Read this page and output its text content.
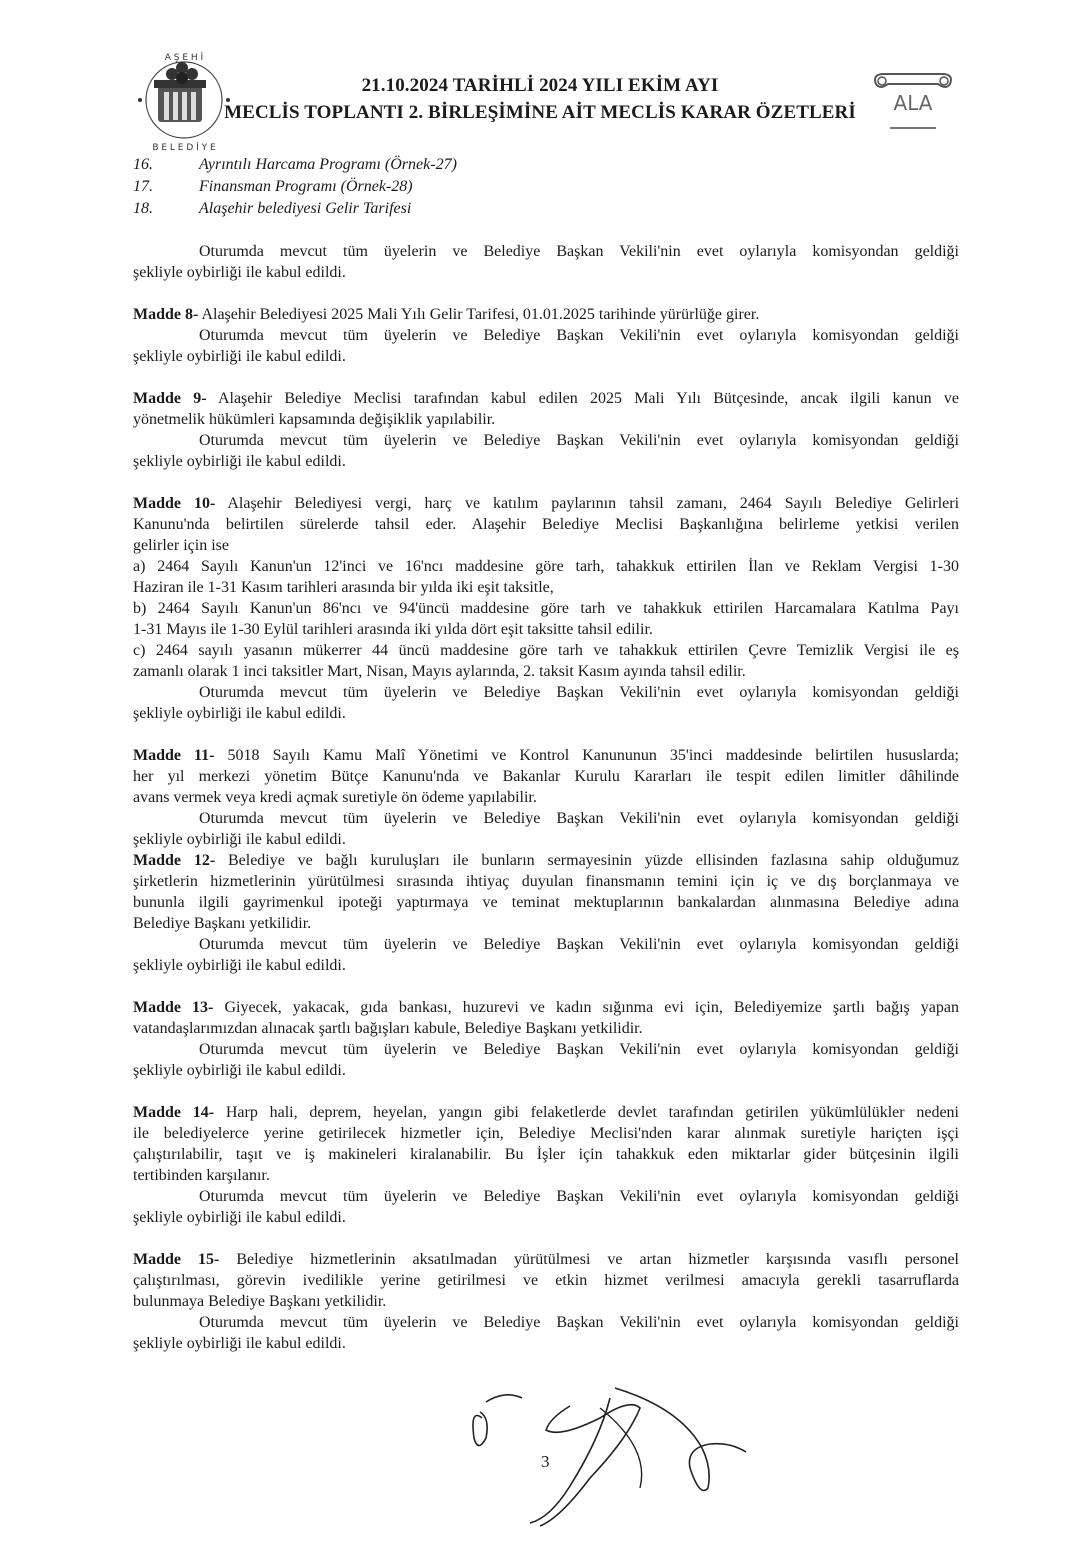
A Ş E H İ
B E L E D İ Y E
ALA
21.10.2024 TARİHLİ 2024 YILI EKİM AYI
MECLİS TOPLANTI 2. BİRLEŞİMİNE AİT MECLİS KARAR ÖZETLERİ
16.	Ayrıntılı Harcama Programı (Örnek-27)
17.	Finansman Programı (Örnek-28)
18.	Alaşehir belediyesi Gelir Tarifesi
Oturumda mevcut tüm üyelerin ve Belediye Başkan Vekili'nin evet oylarıyla komisyondan geldiği
şekliyle oybirliği ile kabul edildi.
Madde 8- Alaşehir Belediyesi 2025 Mali Yılı Gelir Tarifesi, 01.01.2025 tarihinde yürürlüğe girer.
Oturumda mevcut tüm üyelerin ve Belediye Başkan Vekili'nin evet oylarıyla komisyondan geldiği
şekliyle oybirliği ile kabul edildi.
Madde 9- Alaşehir Belediye Meclisi tarafından kabul edilen 2025 Mali Yılı Bütçesinde, ancak ilgili kanun ve
yönetmelik hükümleri kapsamında değişiklik yapılabilir.
Oturumda mevcut tüm üyelerin ve Belediye Başkan Vekili'nin evet oylarıyla komisyondan geldiği
şekliyle oybirliği ile kabul edildi.
Madde 10- Alaşehir Belediyesi vergi, harç ve katılım paylarının tahsil zamanı, 2464 Sayılı Belediye Gelirleri
Kanunu'nda belirtilen sürelerde tahsil eder. Alaşehir Belediye Meclisi Başkanlığına belirleme yetkisi verilen
gelirler için ise
a) 2464 Sayılı Kanun'un 12'inci ve 16'ncı maddesine göre tarh, tahakkuk ettirilen İlan ve Reklam Vergisi 1-30
Haziran ile 1-31 Kasım tarihleri arasında bir yılda iki eşit taksitle,
b) 2464 Sayılı Kanun'un 86'ncı ve 94'üncü maddesine göre tarh ve tahakkuk ettirilen Harcamalara Katılma Payı
1-31 Mayıs ile 1-30 Eylül tarihleri arasında iki yılda dört eşit taksitte tahsil edilir.
c) 2464 sayılı yasanın mükerrer 44 üncü maddesine göre tarh ve tahakkuk ettirilen Çevre Temizlik Vergisi ile eş
zamanlı olarak 1 inci taksitler Mart, Nisan, Mayıs aylarında, 2. taksit Kasım ayında tahsil edilir.
Oturumda mevcut tüm üyelerin ve Belediye Başkan Vekili'nin evet oylarıyla komisyondan geldiği
şekliyle oybirliği ile kabul edildi.
Madde 11- 5018 Sayılı Kamu Malî Yönetimi ve Kontrol Kanununun 35'inci maddesinde belirtilen hususlarda;
her yıl merkezi yönetim Bütçe Kanunu'nda ve Bakanlar Kurulu Kararları ile tespit edilen limitler dâhilinde
avans vermek veya kredi açmak suretiyle ön ödeme yapılabilir.
Oturumda mevcut tüm üyelerin ve Belediye Başkan Vekili'nin evet oylarıyla komisyondan geldiği
şekliyle oybirliği ile kabul edildi.
Madde 12- Belediye ve bağlı kuruluşları ile bunların sermayesinin yüzde ellisinden fazlasına sahip olduğumuz
şirketlerin hizmetlerinin yürütülmesi sırasında ihtiyaç duyulan finansmanın temini için iç ve dış borçlanmaya ve
bununla ilgili gayrimenkul ipoteği yaptırmaya ve teminat mektuplarının bankalardan alınmasına Belediye adına
Belediye Başkanı yetkilidir.
Oturumda mevcut tüm üyelerin ve Belediye Başkan Vekili'nin evet oylarıyla komisyondan geldiği
şekliyle oybirliği ile kabul edildi.
Madde 13- Giyecek, yakacak, gıda bankası, huzurevi ve kadın sığınma evi için, Belediyemize şartlı bağış yapan
vatandaşlarımızdan alınacak şartlı bağışları kabule, Belediye Başkanı yetkilidir.
Oturumda mevcut tüm üyelerin ve Belediye Başkan Vekili'nin evet oylarıyla komisyondan geldiği
şekliyle oybirliği ile kabul edildi.
Madde 14- Harp hali, deprem, heyelan, yangın gibi felaketlerde devlet tarafından getirilen yükümlülükler nedeni
ile belediyelerce yerine getirilecek hizmetler için, Belediye Meclisi'nden karar alınmak suretiyle hariçten işçi
çalıştırılabilir, taşıt ve iş makineleri kiralanabilir. Bu İşler için tahakkuk eden miktarlar gider bütçesinin ilgili
tertibinden karşılanır.
Oturumda mevcut tüm üyelerin ve Belediye Başkan Vekili'nin evet oylarıyla komisyondan geldiği
şekliyle oybirliği ile kabul edildi.
Madde 15- Belediye hizmetlerinin aksatılmadan yürütülmesi ve artan hizmetler karşısında vasıflı personel
çalıştırılması, görevin ivedilikle yerine getirilmesi ve etkin hizmet verilmesi amacıyla gerekli tasarruflarda
bulunmaya Belediye Başkanı yetkilidir.
Oturumda mevcut tüm üyelerin ve Belediye Başkan Vekili'nin evet oylarıyla komisyondan geldiği
şekliyle oybirliği ile kabul edildi.
3
